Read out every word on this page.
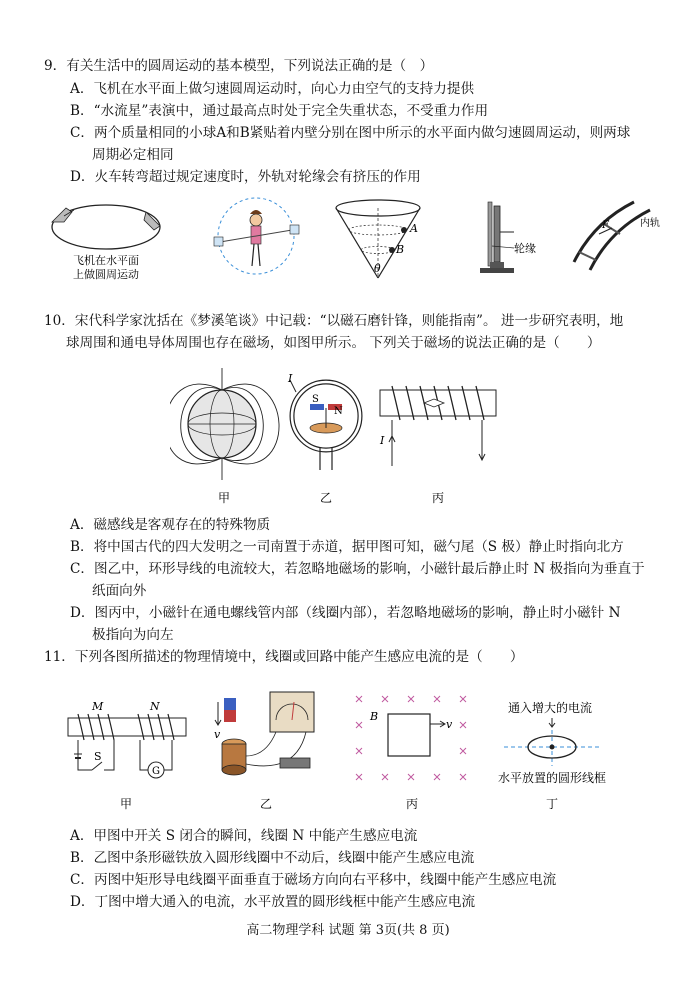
9．有关生活中的圆周运动的基本模型，下列说法正确的是（　）
A．飞机在水平面上做匀速圆周运动时，向心力由空气的支持力提供
B．“水流星”表演中，通过最高点时处于完全失重状态，不受重力作用
C．两个质量相同的小球A和B紧贴着内壁分别在图中所示的水平面内做匀速圆周运动，则两球
周期必定相同
D．火车转弯超过规定速度时，外轨对轮缘会有挤压的作用
飞机在水平面
上做圆周运动
A
B
θ
轮缘
F	内轨
10．宋代科学家沈括在《梦溪笔谈》中记载：“以磁石磨针锋，则能指南”。 进一步研究表明，地
球周围和通电导体周围也存在磁场，如图甲所示。 下列关于磁场的说法正确的是（　　）
I
S
N
I
甲	乙	丙
A．磁感线是客观存在的特殊物质
B．将中国古代的四大发明之一司南置于赤道，据甲图可知，磁勺尾（S 极）静止时指向北方
C．图乙中，环形导线的电流较大，若忽略地磁场的影响，小磁针最后静止时 N 极指向为垂直于
纸面向外
D．图丙中，小磁针在通电螺线管内部（线圈内部），若忽略地磁场的影响，静止时小磁针 N
极指向为向左
11．下列各图所描述的物理情境中，线圈或回路中能产生感应电流的是（　　）
M	N
S
G
v
v
B
通入增大的电流
水平放置的圆形线框
甲	乙	丙	丁
A．甲图中开关 S 闭合的瞬间，线圈 N 中能产生感应电流
B．乙图中条形磁铁放入圆形线圈中不动后，线圈中能产生感应电流
C．丙图中矩形导电线圈平面垂直于磁场方向向右平移中，线圈中能产生感应电流
D．丁图中增大通入的电流，水平放置的圆形线框中能产生感应电流
高二物理学科 试题 第 3页(共 8 页)
